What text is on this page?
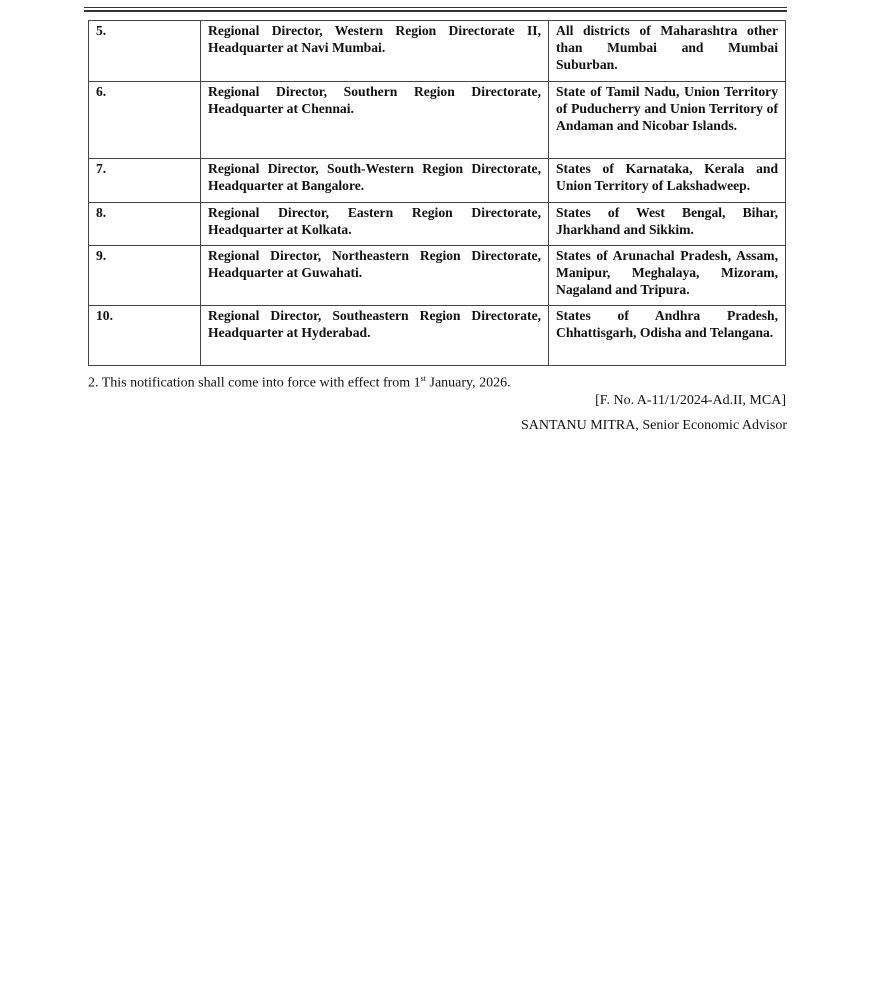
5.	Regional Director, Western Region Directorate II, Headquarter at Navi Mumbai.	All districts of Maharashtra other than Mumbai and Mumbai Suburban.
6.	Regional Director, Southern Region Directorate, Headquarter at Chennai.	State of Tamil Nadu, Union Territory of Puducherry and Union Territory of Andaman and Nicobar Islands.
7.	Regional Director, South-Western Region Directorate, Headquarter at Bangalore.	States of Karnataka, Kerala and Union Territory of Lakshadweep.
8.	Regional Director, Eastern Region Directorate, Headquarter at Kolkata.	States of West Bengal, Bihar, Jharkhand and Sikkim.
9.	Regional Director, Northeastern Region Directorate, Headquarter at Guwahati.	States of Arunachal Pradesh, Assam, Manipur, Meghalaya, Mizoram, Nagaland and Tripura.
10.	Regional Director, Southeastern Region Directorate, Headquarter at Hyderabad.	States of Andhra Pradesh, Chhattisgarh, Odisha and Telangana.
2. This notification shall come into force with effect from 1st January, 2026.
[F. No. A-11/1/2024-Ad.II, MCA]
SANTANU MITRA, Senior Economic Advisor
